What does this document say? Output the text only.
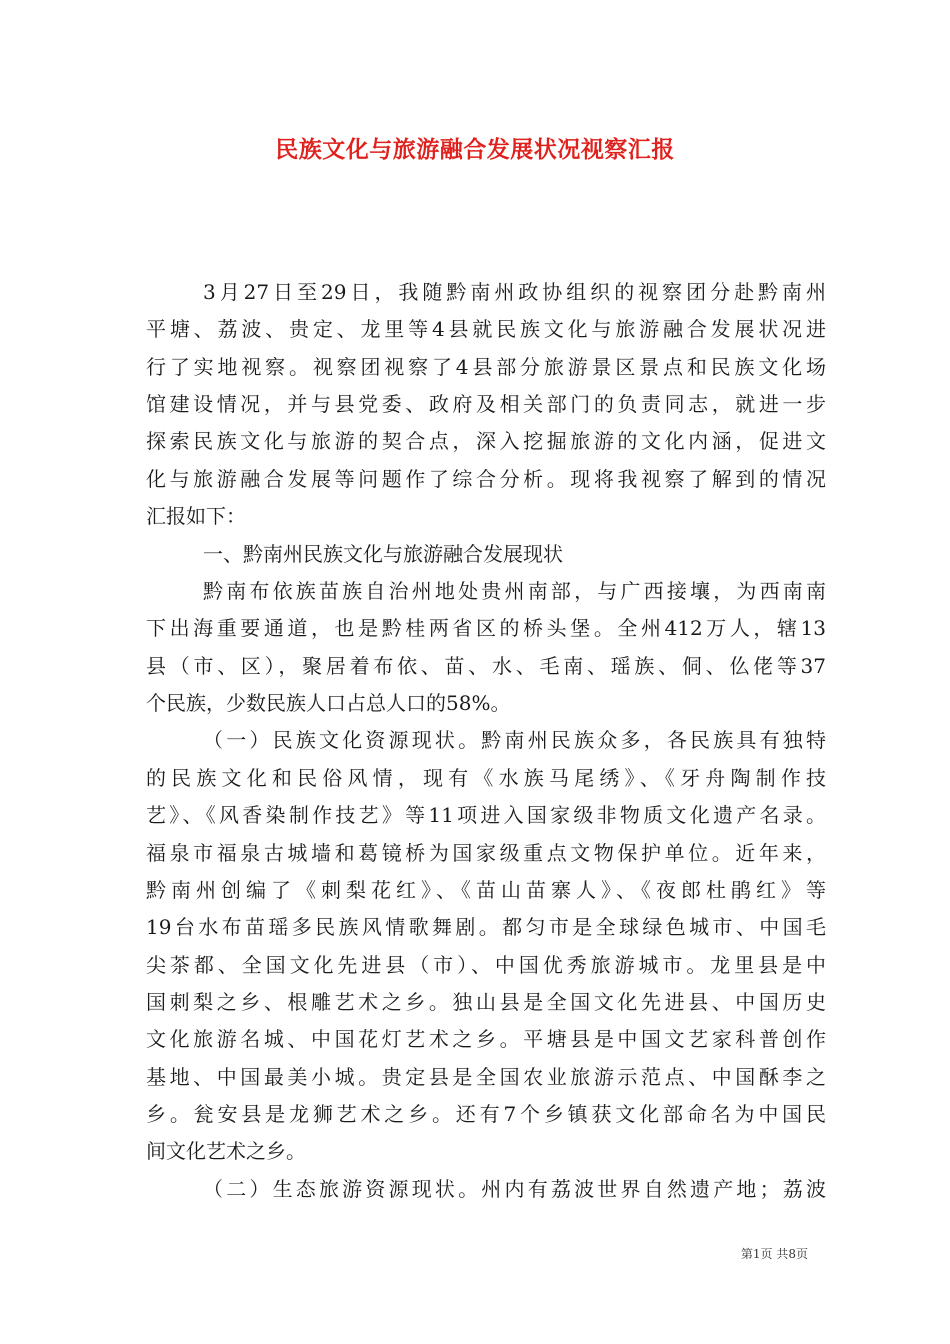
民族文化与旅游融合发展状况视察汇报

3月27日至29日，我随黔南州政协组织的视察团分赴黔南州

平塘、荔波、贵定、龙里等4县就民族文化与旅游融合发展状况进

行了实地视察。视察团视察了4县部分旅游景区景点和民族文化场

馆建设情况，并与县党委、政府及相关部门的负责同志，就进一步

探索民族文化与旅游的契合点，深入挖掘旅游的文化内涵，促进文

化与旅游融合发展等问题作了综合分析。现将我视察了解到的情况

汇报如下：

一、黔南州民族文化与旅游融合发展现状

黔南布依族苗族自治州地处贵州南部，与广西接壤，为西南南

下出海重要通道，也是黔桂两省区的桥头堡。全州412万人，辖13

县（市、区），聚居着布依、苗、水、毛南、瑶族、侗、仫佬等37

个民族，少数民族人口占总人口的58%。

（一）民族文化资源现状。黔南州民族众多，各民族具有独特

的民族文化和民俗风情，现有《水族马尾绣》、《牙舟陶制作技

艺》、《风香染制作技艺》等11项进入国家级非物质文化遗产名录。

福泉市福泉古城墙和葛镜桥为国家级重点文物保护单位。近年来，

黔南州创编了《刺梨花红》、《苗山苗寨人》、《夜郎杜鹃红》等

19台水布苗瑶多民族风情歌舞剧。都匀市是全球绿色城市、中国毛

尖茶都、全国文化先进县（市）、中国优秀旅游城市。龙里县是中

国刺梨之乡、根雕艺术之乡。独山县是全国文化先进县、中国历史

文化旅游名城、中国花灯艺术之乡。平塘县是中国文艺家科普创作

基地、中国最美小城。贵定县是全国农业旅游示范点、中国酥李之

乡。瓮安县是龙狮艺术之乡。还有7个乡镇获文化部命名为中国民

间文化艺术之乡。

（二）生态旅游资源现状。州内有荔波世界自然遗产地；荔波

第1页 共8页
